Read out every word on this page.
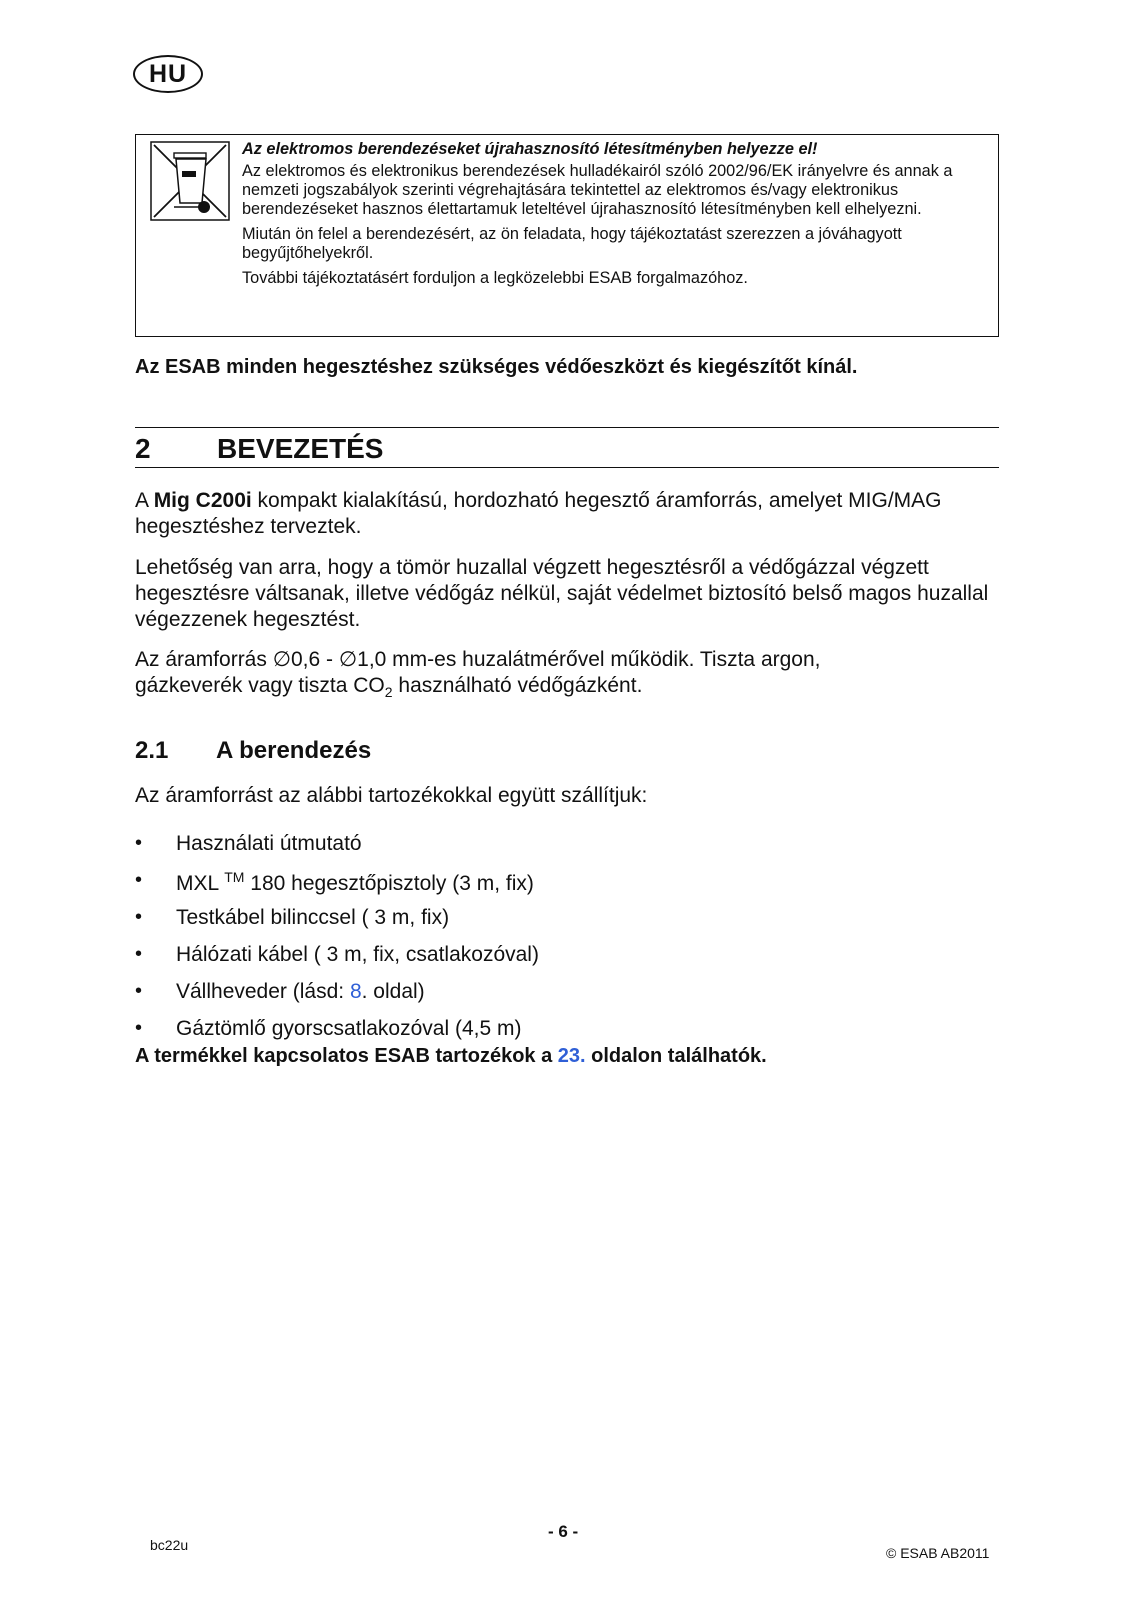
HU

Az elektromos berendezéseket újrahasznosító létesítményben helyezze el!

Az elektromos és elektronikus berendezések hulladékairól szóló 2002/96/EK irányelvre és annak a nemzeti jogszabályok szerinti végrehajtására tekintettel az elektromos és/vagy elektronikus berendezéseket hasznos élettartamuk leteltével újrahasznosító létesítményben kell elhelyezni.

Miután ön felel a berendezésért, az ön feladata, hogy tájékoztatást szerezzen a jóváhagyott begyűjtőhelyekről.

További tájékoztatásért forduljon a legközelebbi ESAB forgalmazóhoz.

Az ESAB minden hegesztéshez szükséges védőeszközt és kiegészítőt kínál.
2 BEVEZETÉS

A Mig C200i kompakt kialakítású, hordozható hegesztő áramforrás, amelyet MIG/MAG hegesztéshez terveztek.

Lehetőség van arra, hogy a tömör huzallal végzett hegesztésről a védőgázzal végzett hegesztésre váltsanak, illetve védőgáz nélkül, saját védelmet biztosító belső magos huzallal végezzenek hegesztést.

Az áramforrás ∅0,6 - ∅1,0 mm-es huzalátmérővel működik. Tiszta argon,
gázkeverék vagy tiszta $CO_2$ használható védőgázként.

2.1 A berendezés

Az áramforrást az alábbi tartozékokkal együtt szállítjuk:

•	Használati útmutató
•	MXL ™ 180 hegesztőpisztoly (3 m, fix)
•	Testkábel bilinccsel ( 3 m, fix)
•	Hálózati kábel ( 3 m, fix, csatlakozóval)
•	Vállheveder (lásd: 8. oldal)
•	Gáztömlő gyorscsatlakozóval (4,5 m)
A termékkel kapcsolatos ESAB tartozékok a 23. oldalon találhatók.
bc22u
- 6 -
© ESAB AB2011
